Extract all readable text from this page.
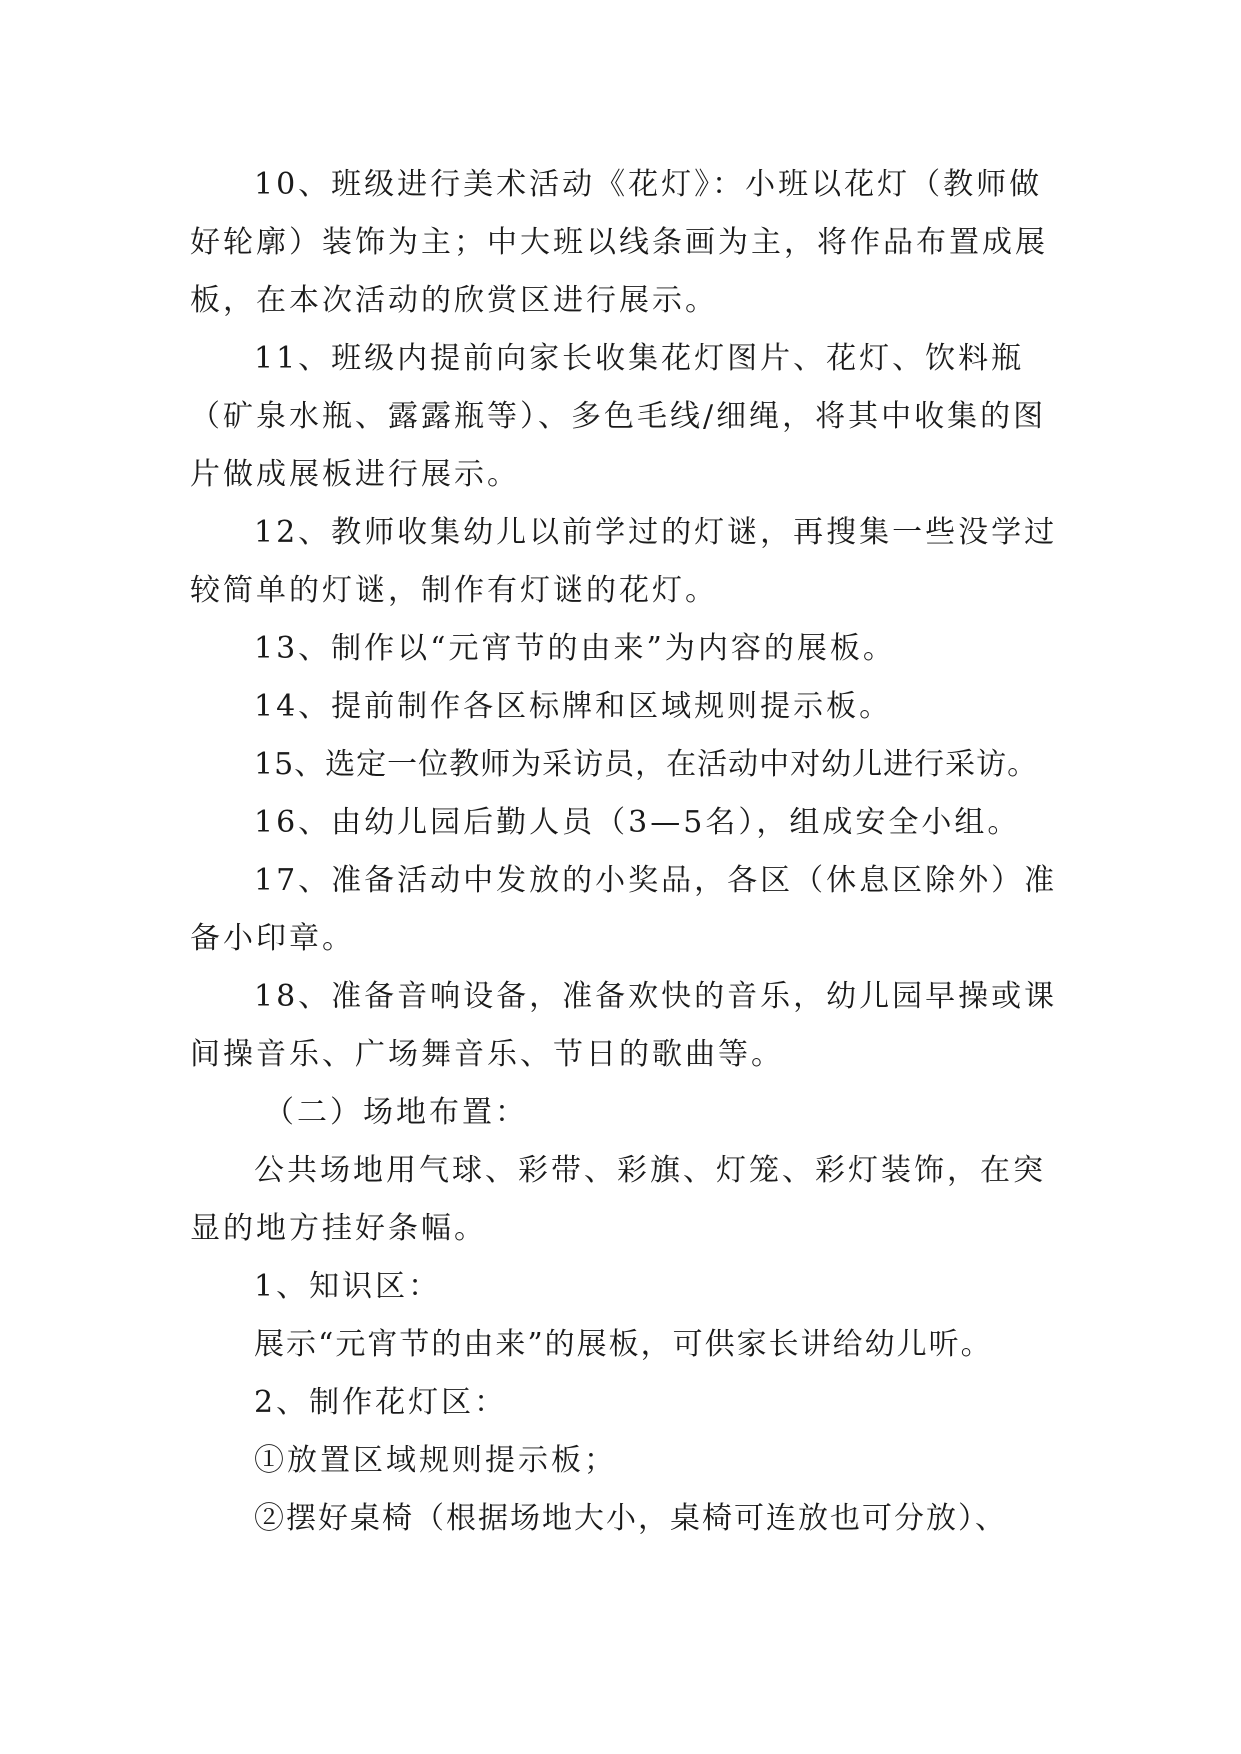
10、班级进行美术活动《花灯》：小班以花灯（教师做好轮廓）装饰为主；中大班以线条画为主，将作品布置成展板，在本次活动的欣赏区进行展示。

11、班级内提前向家长收集花灯图片、花灯、饮料瓶（矿泉水瓶、露露瓶等）、多色毛线/细绳，将其中收集的图片做成展板进行展示。

12、教师收集幼儿以前学过的灯谜，再搜集一些没学过较简单的灯谜，制作有灯谜的花灯。

13、制作以“元宵节的由来”为内容的展板。

14、提前制作各区标牌和区域规则提示板。

15、选定一位教师为采访员，在活动中对幼儿进行采访。

16、由幼儿园后勤人员（3—5名），组成安全小组。

17、准备活动中发放的小奖品，各区（休息区除外）准备小印章。

18、准备音响设备，准备欢快的音乐，幼儿园早操或课间操音乐、广场舞音乐、节日的歌曲等。

（二）场地布置：

公共场地用气球、彩带、彩旗、灯笼、彩灯装饰，在突显的地方挂好条幅。

1、知识区：

展示“元宵节的由来”的展板，可供家长讲给幼儿听。

2、制作花灯区：

①放置区域规则提示板；

②摆好桌椅（根据场地大小，桌椅可连放也可分放）、
